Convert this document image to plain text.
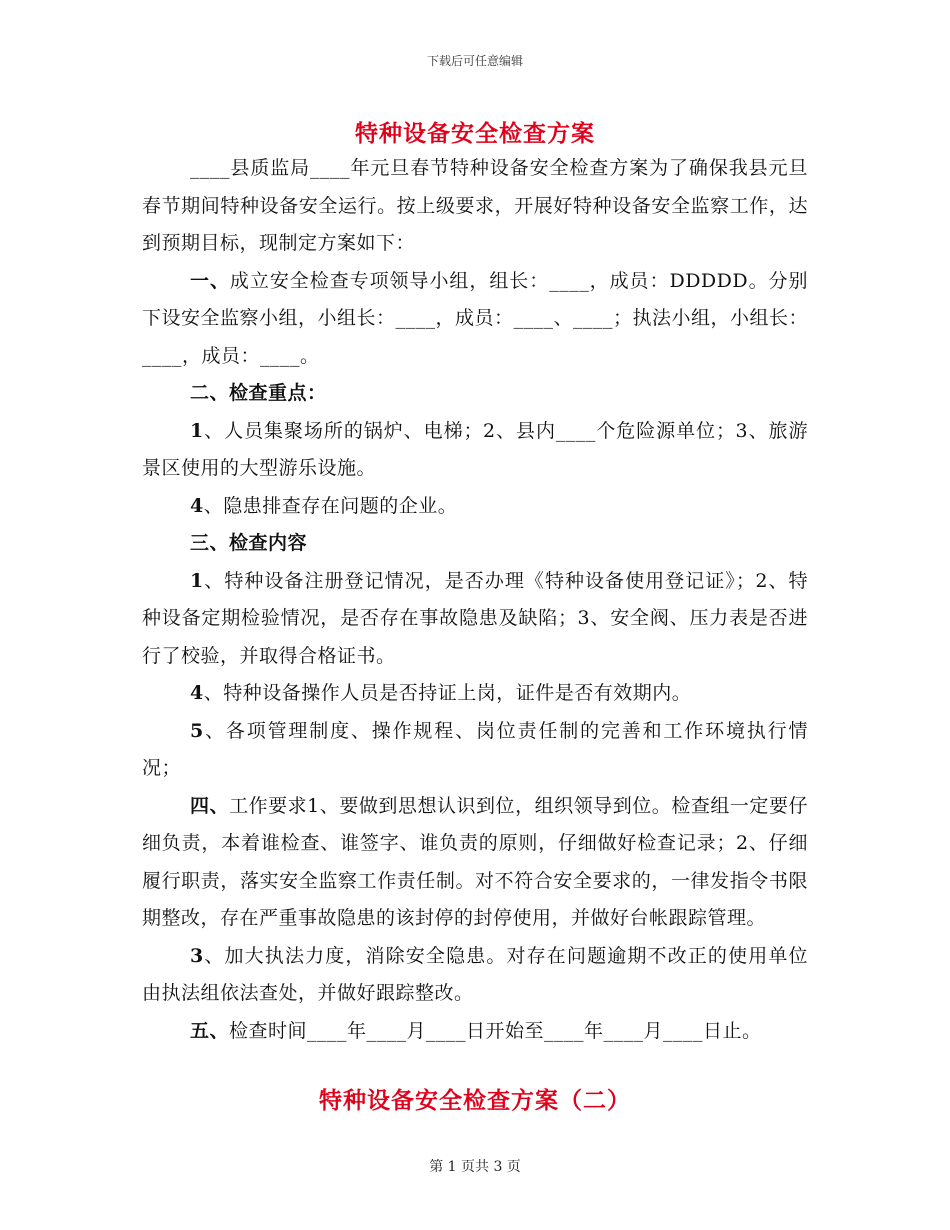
下载后可任意编辑
特种设备安全检查方案

____县质监局____年元旦春节特种设备安全检查方案为了确保我县元旦春节期间特种设备安全运行。按上级要求，开展好特种设备安全监察工作，达到预期目标，现制定方案如下：

一、成立安全检查专项领导小组，组长：____，成员：DDDDD。分别下设安全监察小组，小组长：____，成员：____、____；执法小组，小组长：____，成员：____。

二、检查重点：

1、人员集聚场所的锅炉、电梯；2、县内____个危险源单位；3、旅游景区使用的大型游乐设施。

4、隐患排查存在问题的企业。

三、检查内容

1、特种设备注册登记情况，是否办理《特种设备使用登记证》；2、特种设备定期检验情况，是否存在事故隐患及缺陷；3、安全阀、压力表是否进行了校验，并取得合格证书。

4、特种设备操作人员是否持证上岗，证件是否有效期内。

5、各项管理制度、操作规程、岗位责任制的完善和工作环境执行情况；

四、工作要求1、要做到思想认识到位，组织领导到位。检查组一定要仔细负责，本着谁检查、谁签字、谁负责的原则，仔细做好检查记录；2、仔细履行职责，落实安全监察工作责任制。对不符合安全要求的，一律发指令书限期整改，存在严重事故隐患的该封停的封停使用，并做好台帐跟踪管理。

3、加大执法力度，消除安全隐患。对存在问题逾期不改正的使用单位由执法组依法查处，并做好跟踪整改。

五、检查时间____年____月____日开始至____年____月____日止。

特种设备安全检查方案（二）
第 1 页共 3 页
